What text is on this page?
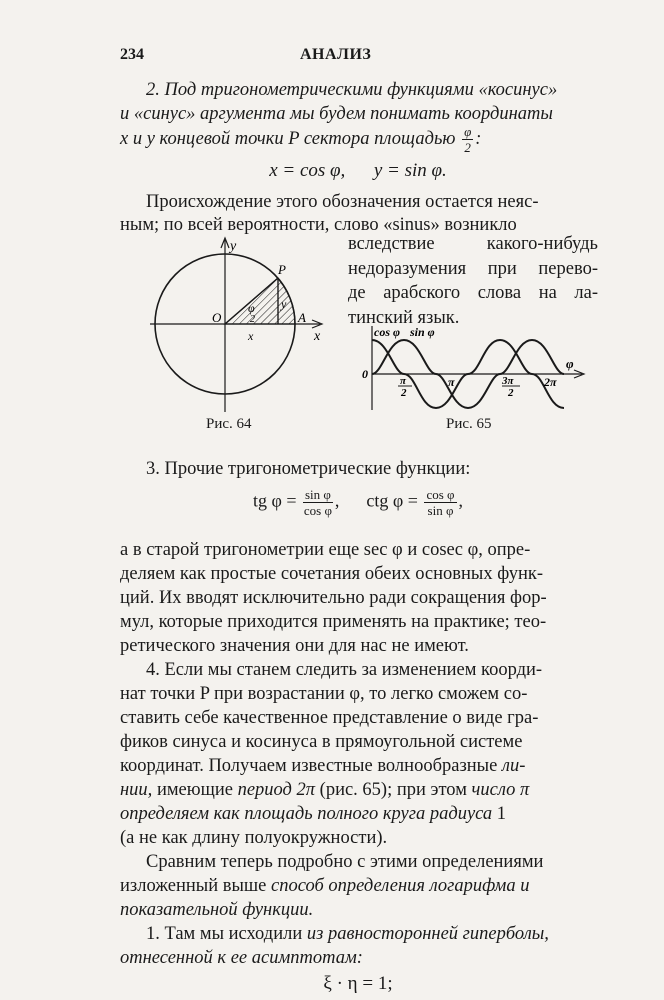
234	АНАЛИЗ
2. Под тригонометрическими функциями «косинус»
и «синус» аргумента мы будем понимать координаты
x и y концевой точки P сектора площадью $\frac{\varphi}{2}$ :
x = cos φ, y = sin φ.
Происхождение этого обозначения остается неяс-
ным; по всей вероятности, слово «sinus» возникло
вследствие какого-нибудь
недоразумения при перево-
де арабского слова на ла-
тинский язык.
y
x
O
P
A
φ
2
y
x
Рис. 64
cos φ sin φ
φ
0	π
2
π	3π
2
2π
Рис. 65
3. Прочие тригонометрические функции:
tg $\varphi = \frac{\text{sin φ}}{\text{cos φ}}$ , ctg $\varphi = \frac{\text{cos φ}}{\text{sin φ}}$ ,
а в старой тригонометрии еще sec φ и cosec φ, опре-
деляем как простые сочетания обеих основных функ-
ций. Их вводят исключительно ради сокращения фор-
мул, которые приходится применять на практике; тео-
ретического значения они для нас не имеют.
4. Если мы станем следить за изменением коорди-
нат точки P при возрастании φ, то легко сможем со-
ставить себе качественное представление о виде гра-
фиков синуса и косинуса в прямоугольной системе
координат. Получаем известные волнообразные ли-
нии, имеющие период 2π (рис. 65); при этом число π
определяем как площадь полного круга радиуса 1
(а не как длину полуокружности).
Сравним теперь подробно с этими определениями
изложенный выше способ определения логарифма и
показательной функции.
1. Там мы исходили из равносторонней гиперболы,
отнесенной к ее асимптотам:
ξ · η = 1;
